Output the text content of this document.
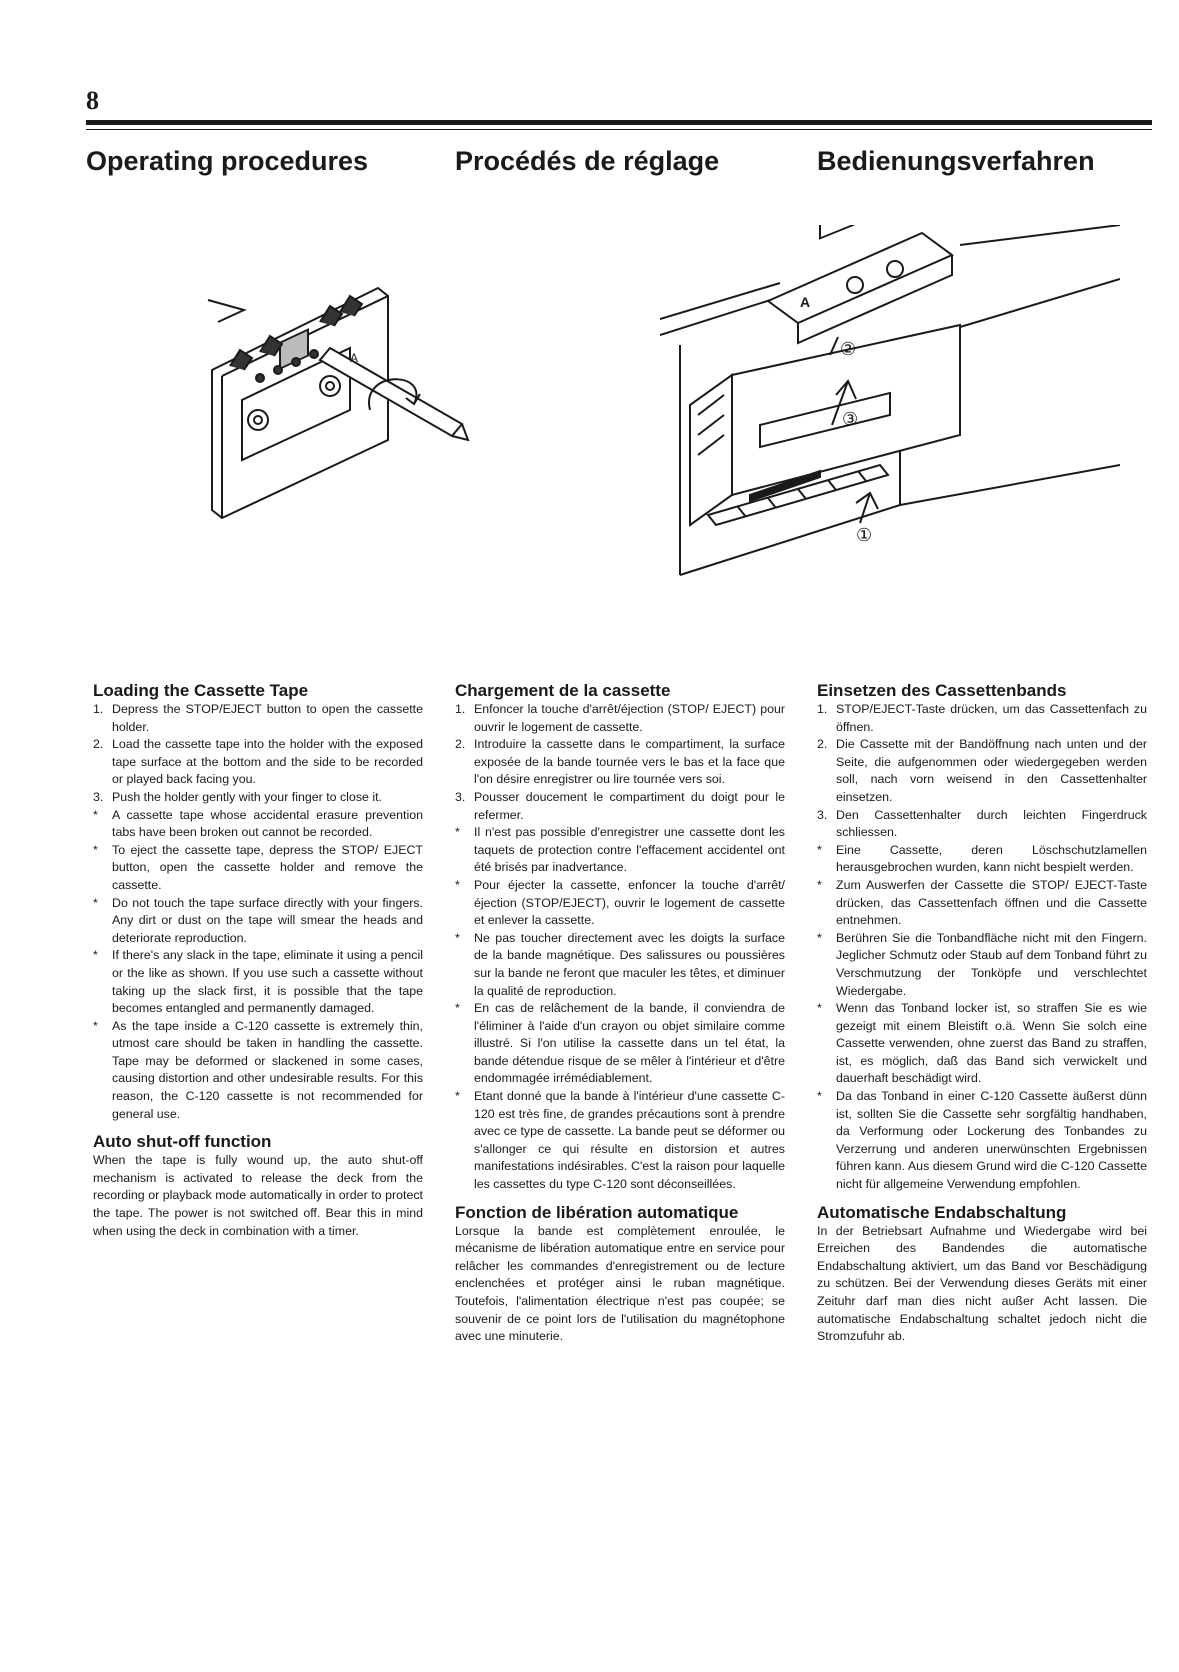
8
Operating procedures	Procédés de réglage	Bedienungsverfahren
A
A
②
③
①
Loading the Cassette Tape
1. Depress the STOP/EJECT button to open the cassette holder.
2. Load the cassette tape into the holder with the exposed tape surface at the bottom and the side to be recorded or played back facing you.
3. Push the holder gently with your finger to close it.
* A cassette tape whose accidental erasure prevention tabs have been broken out cannot be recorded.
* To eject the cassette tape, depress the STOP/ EJECT button, open the cassette holder and remove the cassette.
* Do not touch the tape surface directly with your fingers. Any dirt or dust on the tape will smear the heads and deteriorate reproduction.
* If there's any slack in the tape, eliminate it using a pencil or the like as shown. If you use such a cassette without taking up the slack first, it is possible that the tape becomes entangled and permanently damaged.
* As the tape inside a C-120 cassette is extremely thin, utmost care should be taken in handling the cassette. Tape may be deformed or slackened in some cases, causing distortion and other undesirable results. For this reason, the C-120 cassette is not recommended for general use.
Auto shut-off function

When the tape is fully wound up, the auto shut-off mechanism is activated to release the deck from the recording or playback mode automatically in order to protect the tape. The power is not switched off. Bear this in mind when using the deck in combination with a timer.

Chargement de la cassette
1. Enfoncer la touche d'arrêt/éjection (STOP/ EJECT) pour ouvrir le logement de cassette.
2. Introduire la cassette dans le compartiment, la surface exposée de la bande tournée vers le bas et la face que l'on désire enregistrer ou lire tournée vers soi.
3. Pousser doucement le compartiment du doigt pour le refermer.
* Il n'est pas possible d'enregistrer une cassette dont les taquets de protection contre l'effacement accidentel ont été brisés par inadvertance.
* Pour éjecter la cassette, enfoncer la touche d'arrêt/éjection (STOP/EJECT), ouvrir le logement de cassette et enlever la cassette.
* Ne pas toucher directement avec les doigts la surface de la bande magnétique. Des salissures ou poussières sur la bande ne feront que maculer les têtes, et diminuer la qualité de reproduction.
* En cas de relâchement de la bande, il conviendra de l'éliminer à l'aide d'un crayon ou objet similaire comme illustré. Si l'on utilise la cassette dans un tel état, la bande détendue risque de se mêler à l'intérieur et d'être endommagée irrémédiablement.
* Etant donné que la bande à l'intérieur d'une cassette C-120 est très fine, de grandes précautions sont à prendre avec ce type de cassette. La bande peut se déformer ou s'allonger ce qui résulte en distorsion et autres manifestations indésirables. C'est la raison pour laquelle les cassettes du type C-120 sont déconseillées.
Fonction de libération automatique

Lorsque la bande est complètement enroulée, le mécanisme de libération automatique entre en service pour relâcher les commandes d'enregistrement ou de lecture enclenchées et protéger ainsi le ruban magnétique. Toutefois, l'alimentation électrique n'est pas coupée; se souvenir de ce point lors de l'utilisation du magnétophone avec une minuterie.

Einsetzen des Cassettenbands
1. STOP/EJECT-Taste drücken, um das Cassettenfach zu öffnen.
2. Die Cassette mit der Bandöffnung nach unten und der Seite, die aufgenommen oder wiedergegeben werden soll, nach vorn weisend in den Cassettenhalter einsetzen.
3. Den Cassettenhalter durch leichten Fingerdruck schliessen.
* Eine Cassette, deren Löschschutzlamellen herausgebrochen wurden, kann nicht bespielt werden.
* Zum Auswerfen der Cassette die STOP/ EJECT-Taste drücken, das Cassettenfach öffnen und die Cassette entnehmen.
* Berühren Sie die Tonbandfläche nicht mit den Fingern. Jeglicher Schmutz oder Staub auf dem Tonband führt zu Verschmutzung der Tonköpfe und verschlechtet Wiedergabe.
* Wenn das Tonband locker ist, so straffen Sie es wie gezeigt mit einem Bleistift o.ä. Wenn Sie solch eine Cassette verwenden, ohne zuerst das Band zu straffen, ist, es möglich, daß das Band sich verwickelt und dauerhaft beschädigt wird.
* Da das Tonband in einer C-120 Cassette äußerst dünn ist, sollten Sie die Cassette sehr sorgfältig handhaben, da Verformung oder Lockerung des Tonbandes zu Verzerrung und anderen unerwünschten Ergebnissen führen kann. Aus diesem Grund wird die C-120 Cassette nicht für allgemeine Verwendung empfohlen.
Automatische Endabschaltung

In der Betriebsart Aufnahme und Wiedergabe wird bei Erreichen des Bandendes die automatische Endabschaltung aktiviert, um das Band vor Beschädigung zu schützen. Bei der Verwendung dieses Geräts mit einer Zeituhr darf man dies nicht außer Acht lassen. Die automatische Endabschaltung schaltet jedoch nicht die Stromzufuhr ab.
